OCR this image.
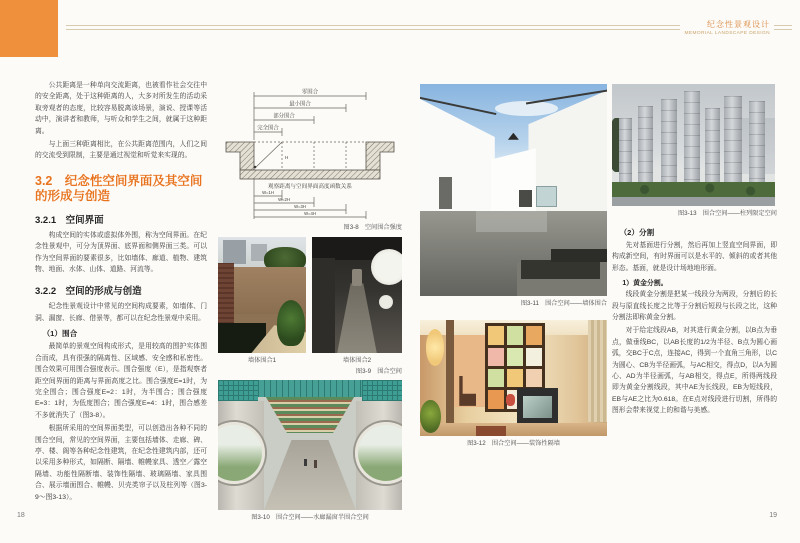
纪念性景观设计
MEMORIAL LANDSCAPE DESIGN

公共距离是一种单向交流距离，也被看作社会交往中的安全距离，处于这种距离的人，大多对所发生的活动采取旁观者的态度，比较容易脱离该场景，演说、授课等活动中，演讲者和教师，与听众和学生之间，就属于这种距离。

与上面三种距离相比，在公共距离范围内，人们之间的交流受到限制，主要是通过视觉和听觉来实现的。

3.2　纪念性空间界面及其空间的形成与创造
3.2.1　空间界面

构成空间的实体或虚拟体外围，称为空间界面。在纪念性景观中，可分为顶界面、底界面和侧界面三类。可以作为空间界面的要素很多，比如墙体、廊道、植物、建筑物、地面、水体、山体、道路、河流等。

3.2.2　空间的形成与创造

纪念性景观设计中常见的空间构成要素，如墙体、门洞、漏窗、长廊、借景等，都可以在纪念性景观中采用。

（1）围合

最简单的景观空间构成形式，是用较高的围护实体围合而成，具有很强的隔离性、区域感、安全感和私密性。围合效果可用围合强度表示。围合强度（E），是指观察者距空间界面的距离与界面高度之比。围合强度E=1时，为完全围合；围合强度E=2：1时，为半围合；围合强度E=3：1时，为低度围合；围合强度E=4：1时，围合感差不多就消失了（图3-8）。

根据所采用的空间界面类型，可以创造出各种不同的围合空间，常见的空间界面，主要包括墙体、走廊、碑、亭、楼、阁等各种纪念性建筑，在纪念性建筑内部，还可以采用多种形式，如隔断、隔墙、帷幔家具、透空／露空隔墙、功能性隔断墙、装饰性隔墙、玻璃隔墙、家具围合、展示墙面围合、帷幔、贝壳类帘子以及柱列等（图3-9～图3-13）。

零围合
最小围合
部分围合
完全围合
H
观察距离与空间界面高度函数关系
W=1H
W=2H
W=3H
W=4H
图3-8　空间围合强度
墙体围合1	墙体围合2
图3-9　围合空间
图3-10　围合空间——水廊漏窗半围合空间
图3-11　围合空间——墙体围合
图3-12　围合空间——装饰性隔墙
图3-13　围合空间——柱列限定空间
（2）分割

先对基面进行分割，然后再加上竖直空间界面，即构成新空间，有时界面可以是水平的、倾斜的或者其他形态。基面，就是设计场地地形面。

1）黄金分割。

线段黄金分割是把某一线段分为两段，分割后的长段与原直线长度之比等于分割后短段与长段之比，这种分割法即称黄金分割。

对于给定线段AB，对其进行黄金分割，以B点为垂点，做垂线BC，以AB长度的1/2为半径、B点为圆心画弧，交BC于C点，连接AC，得到一个直角三角形，以C为圆心、CB为半径画弧，与AC相交，得点D，以A为圆心、AD为半径画弧，与AB相交，得点E，所得两线段即为黄金分割线段，其中AE为长线段，EB为短线段，EB与AE之比为0.618。在E点对线段进行切割，所得的图形会带来视觉上的和谐与美感。

18	19
